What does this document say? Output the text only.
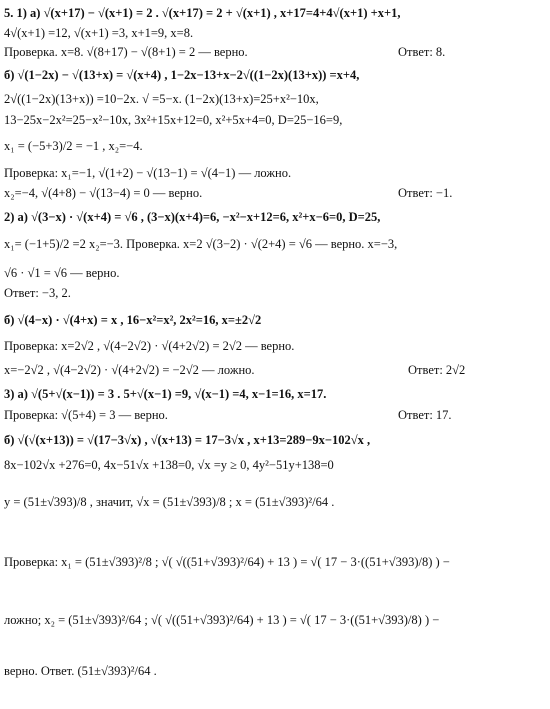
5. 1) а) √(x+17) − √(x+1) = 2 . √(x+17) = 2 + √(x+1) , x+17=4+4√(x+1) +x+1,
4√(x+1) =12, √(x+1) =3, x+1=9, x=8.
Проверка. x=8. √(8+17) − √(8+1) = 2 — верно.	Ответ: 8.
б) √(1−2x) − √(13+x) = √(x+4) , 1−2x−13+x−2√((1−2x)(13+x)) =x+4,
2√((1−2x)(13+x)) =10−2x. √ =5−x. (1−2x)(13+x)=25+x²−10x,
13−25x−2x²=25−x²−10x, 3x²+15x+12=0, x²+5x+4=0, D=25−16=9,
x₁ = (−5+3)/2 = −1 , x₂=−4.
Проверка: x₁=−1, √(1+2) − √(13−1) = √(4−1) — ложно.
x₂=−4, √(4+8) − √(13−4) = 0 — верно.	Ответ: −1.
2) а) √(3−x) · √(x+4) = √6 , (3−x)(x+4)=6, −x²−x+12=6, x²+x−6=0, D=25,
x₁= (−1+5)/2 =2 x₂=−3. Проверка. x=2 √(3−2) · √(2+4) = √6 — верно. x=−3,
√6 · √1 = √6 — верно.
Ответ: −3, 2.
б) √(4−x) · √(4+x) = x , 16−x²=x², 2x²=16, x=±2√2
Проверка: x=2√2 , √(4−2√2) · √(4+2√2) = 2√2 — верно.
x=−2√2 , √(4−2√2) · √(4+2√2) = −2√2 — ложно.	Ответ: 2√2
3) а) √(5+√(x−1)) = 3 . 5+√(x−1) =9, √(x−1) =4, x−1=16, x=17.
Проверка: √(5+4) = 3 — верно.	Ответ: 17.
б) √(√(x+13)) = √(17−3√x) , √(x+13) = 17−3√x , x+13=289−9x−102√x ,
8x−102√x +276=0, 4x−51√x +138=0, √x =y ≥ 0, 4y²−51y+138=0
y = (51±√393)/8 , значит, √x = (51±√393)/8 ; x = (51±√393)²/64 .
Проверка: x₁ = (51±√393)²/8 ; √( √((51+√393)²/64) + 13 ) = √( 17 − 3·((51+√393)/8) ) −
ложно; x₂ = (51±√393)²/64 ; √( √((51+√393)²/64) + 13 ) = √( 17 − 3·((51+√393)/8) ) −
верно. Ответ. (51±√393)²/64 .
